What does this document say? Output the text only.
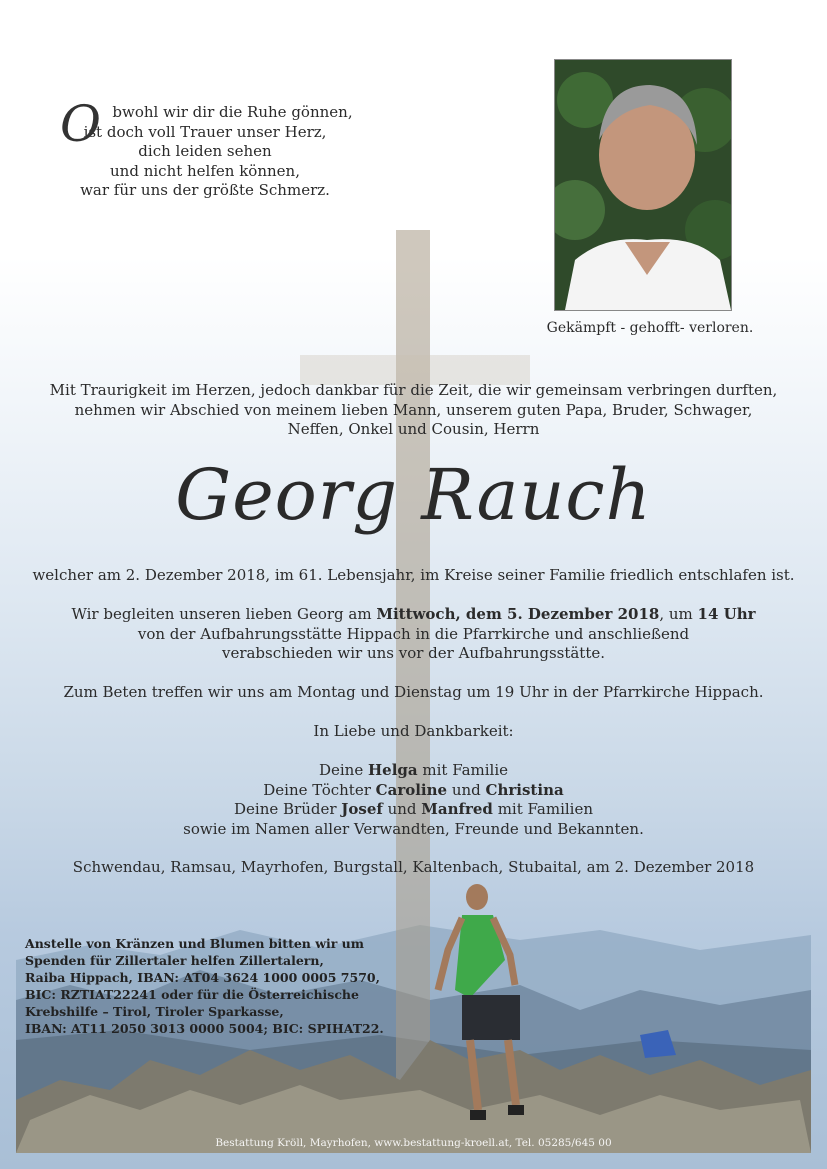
O bwohl wir dir die Ruhe gönnen,
ist doch voll Trauer unser Herz,
dich leiden sehen
und nicht helfen können,
war für uns der größte Schmerz.
Gekämpft - gehofft- verloren.
Mit Traurigkeit im Herzen, jedoch dankbar für die Zeit, die wir gemeinsam verbringen durften,
nehmen wir Abschied von meinem lieben Mann, unserem guten Papa, Bruder, Schwager,
Neffen, Onkel und Cousin, Herrn
Georg Rauch
welcher am 2. Dezember 2018, im 61. Lebensjahr, im Kreise seiner Familie friedlich entschlafen ist.
Wir begleiten unseren lieben Georg am Mittwoch, dem 5. Dezember 2018, um 14 Uhr
von der Aufbahrungsstätte Hippach in die Pfarrkirche und anschließend
verabschieden wir uns vor der Aufbahrungsstätte.
Zum Beten treffen wir uns am Montag und Dienstag um 19 Uhr in der Pfarrkirche Hippach.
In Liebe und Dankbarkeit:
Deine Helga mit Familie
Deine Töchter Caroline und Christina
Deine Brüder Josef und Manfred mit Familien
sowie im Namen aller Verwandten, Freunde und Bekannten.
Schwendau, Ramsau, Mayrhofen, Burgstall, Kaltenbach, Stubaital, am 2. Dezember 2018
Anstelle von Kränzen und Blumen bitten wir um
Spenden für Zillertaler helfen Zillertalern,
Raiba Hippach, IBAN: AT04 3624 1000 0005 7570,
BIC: RZTIAT22241 oder für die Österreichische
Krebshilfe – Tirol, Tiroler Sparkasse,
IBAN: AT11 2050 3013 0000 5004; BIC: SPIHAT22.
Bestattung Kröll, Mayrhofen, www.bestattung-kroell.at, Tel. 05285/645 00
